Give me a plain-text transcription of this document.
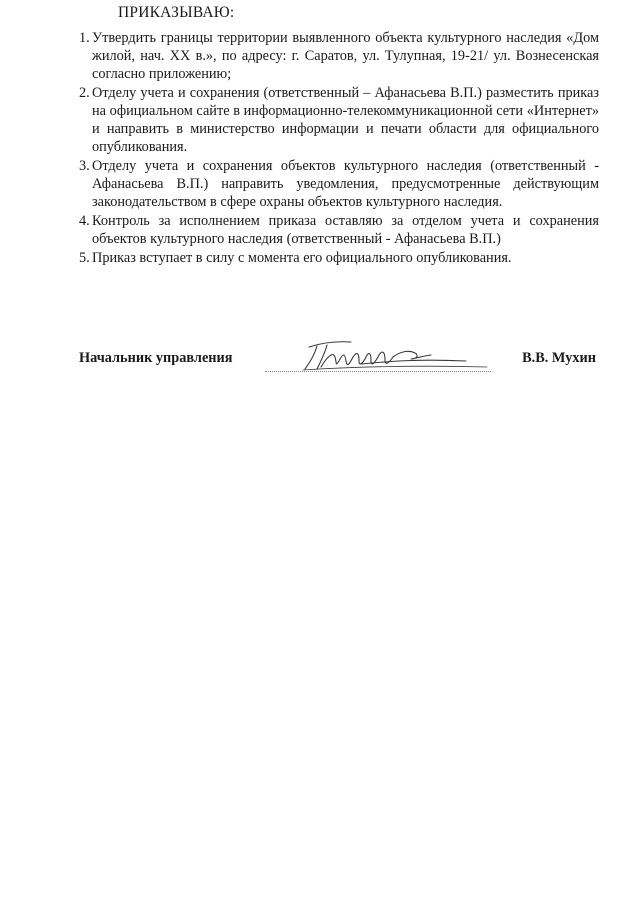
ПРИКАЗЫВАЮ:
1. Утвердить границы территории выявленного объекта культурного наследия «Дом жилой, нач. XX в.», по адресу: г. Саратов, ул. Тулупная, 19-21/ ул. Вознесенская согласно приложению;
2. Отделу учета и сохранения (ответственный – Афанасьева В.П.) разместить приказ на официальном сайте в информационно-телекоммуникационной сети «Интернет» и направить в министерство информации и печати области для официального опубликования.
3. Отделу учета и сохранения объектов культурного наследия (ответственный - Афанасьева В.П.) направить уведомления, предусмотренные действующим законодательством в сфере охраны объектов культурного наследия.
4. Контроль за исполнением приказа оставляю за отделом учета и сохранения объектов культурного наследия (ответственный - Афанасьева В.П.)
5. Приказ вступает в силу с момента его официального опубликования.
Начальник управления	В.В. Мухин
